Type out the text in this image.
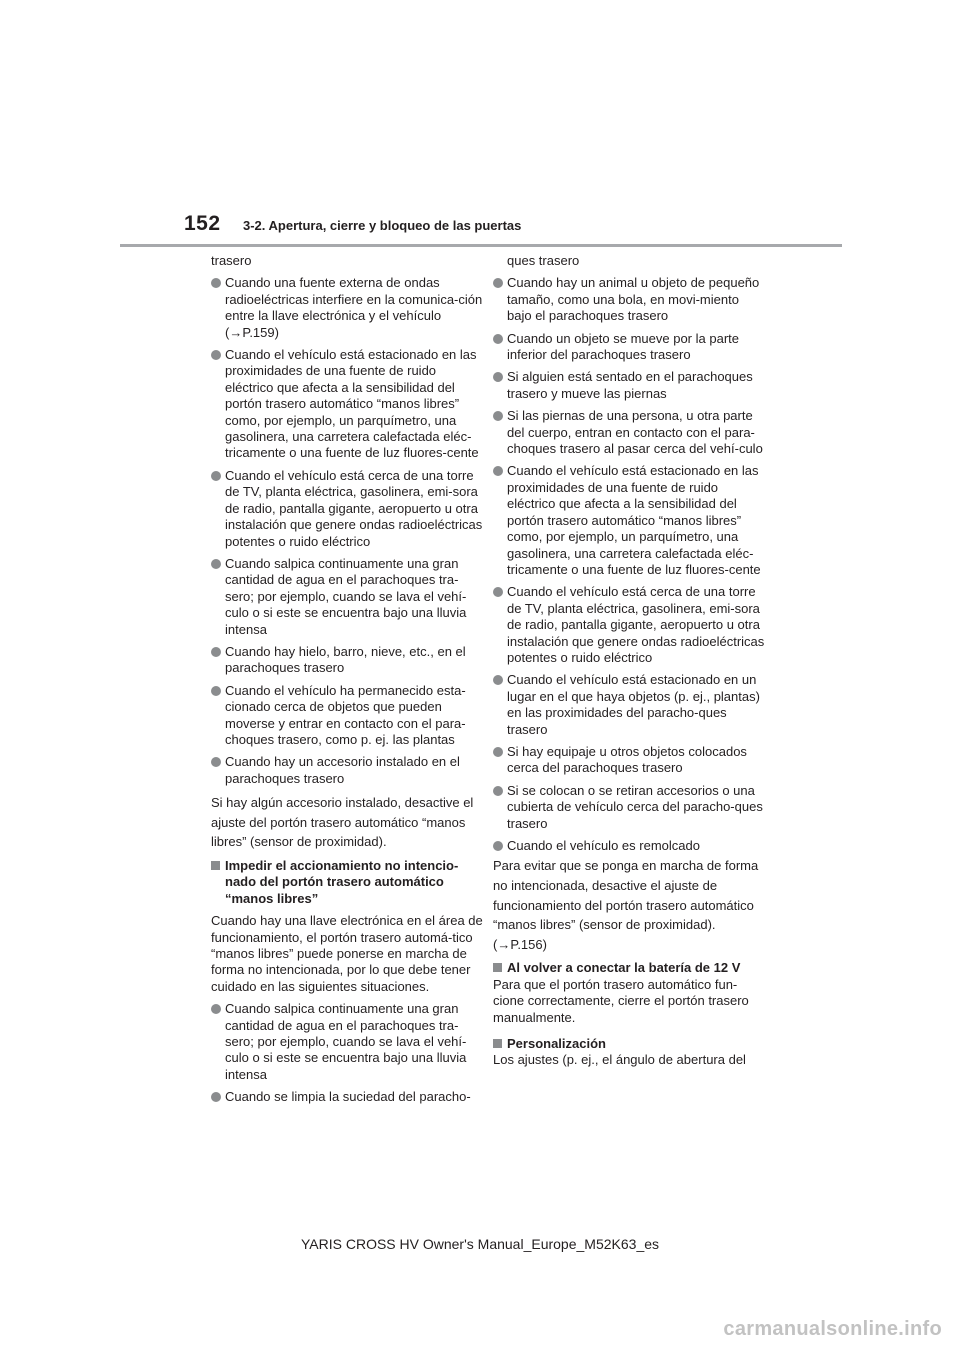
152 3-2. Apertura, cierre y bloqueo de las puertas
trasero
Cuando una fuente externa de ondas radioeléctricas interfiere en la comunica-ción entre la llave electrónica y el vehículo (→P.159)
Cuando el vehículo está estacionado en las proximidades de una fuente de ruido eléctrico que afecta a la sensibilidad del portón trasero automático “manos libres” como, por ejemplo, un parquímetro, una gasolinera, una carretera calefactada eléc-tricamente o una fuente de luz fluores-cente
Cuando el vehículo está cerca de una torre de TV, planta eléctrica, gasolinera, emi-sora de radio, pantalla gigante, aeropuerto u otra instalación que genere ondas radioeléctricas potentes o ruido eléctrico
Cuando salpica continuamente una gran cantidad de agua en el parachoques tra-sero; por ejemplo, cuando se lava el vehí-culo o si este se encuentra bajo una lluvia intensa
Cuando hay hielo, barro, nieve, etc., en el parachoques trasero
Cuando el vehículo ha permanecido esta-cionado cerca de objetos que pueden moverse y entrar en contacto con el para-choques trasero, como p. ej. las plantas
Cuando hay un accesorio instalado en el parachoques trasero
Si hay algún accesorio instalado, desactive el ajuste del portón trasero automático “manos libres” (sensor de proximidad).
Impedir el accionamiento no intencio-nado del portón trasero automático “manos libres”
Cuando hay una llave electrónica en el área de funcionamiento, el portón trasero automá-tico “manos libres” puede ponerse en marcha de forma no intencionada, por lo que debe tener cuidado en las siguientes situaciones.
Cuando salpica continuamente una gran cantidad de agua en el parachoques tra-sero; por ejemplo, cuando se lava el vehí-culo o si este se encuentra bajo una lluvia intensa
Cuando se limpia la suciedad del paracho-
ques trasero
Cuando hay un animal u objeto de pequeño tamaño, como una bola, en movi-miento bajo el parachoques trasero
Cuando un objeto se mueve por la parte inferior del parachoques trasero
Si alguien está sentado en el parachoques trasero y mueve las piernas
Si las piernas de una persona, u otra parte del cuerpo, entran en contacto con el para-choques trasero al pasar cerca del vehí-culo
Cuando el vehículo está estacionado en las proximidades de una fuente de ruido eléctrico que afecta a la sensibilidad del portón trasero automático “manos libres” como, por ejemplo, un parquímetro, una gasolinera, una carretera calefactada eléc-tricamente o una fuente de luz fluores-cente
Cuando el vehículo está cerca de una torre de TV, planta eléctrica, gasolinera, emi-sora de radio, pantalla gigante, aeropuerto u otra instalación que genere ondas radioeléctricas potentes o ruido eléctrico
Cuando el vehículo está estacionado en un lugar en el que haya objetos (p. ej., plantas) en las proximidades del paracho-ques trasero
Si hay equipaje u otros objetos colocados cerca del parachoques trasero
Si se colocan o se retiran accesorios o una cubierta de vehículo cerca del paracho-ques trasero
Cuando el vehículo es remolcado
Para evitar que se ponga en marcha de forma no intencionada, desactive el ajuste de funcionamiento del portón trasero automático “manos libres” (sensor de proximidad). (→P.156)
Al volver a conectar la batería de 12 V
Para que el portón trasero automático fun-cione correctamente, cierre el portón trasero manualmente.
Personalización
Los ajustes (p. ej., el ángulo de abertura del
YARIS CROSS HV Owner's Manual_Europe_M52K63_es
carmanualsonline.info
